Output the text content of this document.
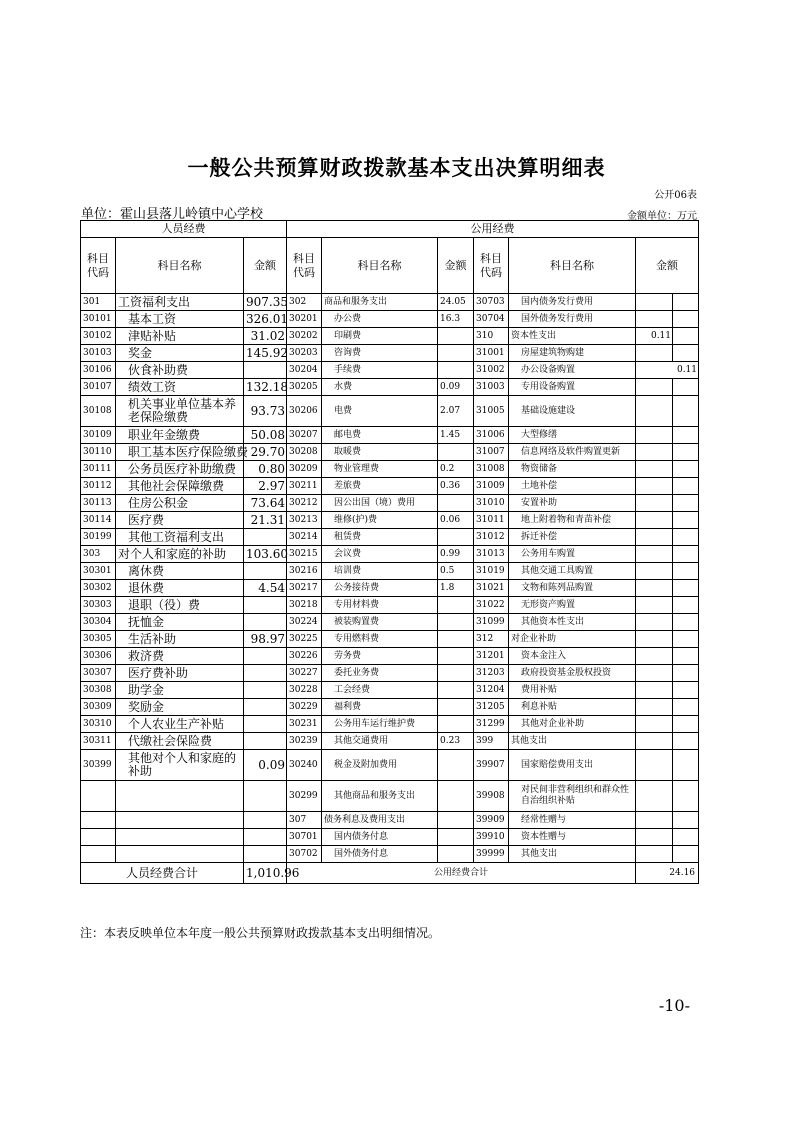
一般公共预算财政拨款基本支出决算明细表
公开06表
单位：霍山县落儿岭镇中心学校	金额单位：万元
人员经费			公用经费						
科目代码	科目名称	金额	科目代码	科目名称	金额	科目代码	科目名称	金额	
301	工资福利支出	907.35	302	商品和服务支出	24.05	30703	国内债务发行费用		
30101	基本工资	326.01	30201	办公费	16.3	30704	国外债务发行费用		
30102	津贴补贴	31.02	30202	印刷费		310	资本性支出	0.11	
30103	奖金	145.92	30203	咨询费		31001	房屋建筑物购建		
30106	伙食补助费		30204	手续费		31002	办公设备购置	0.11	
30107	绩效工资	132.18	30205	水费	0.09	31003	专用设备购置		
30108	机关事业单位基本养老保险缴费	93.73	30206	电费	2.07	31005	基础设施建设		
30109	职业年金缴费	50.08	30207	邮电费	1.45	31006	大型修缮		
30110	职工基本医疗保险缴费	29.70	30208	取暖费		31007	信息网络及软件购置更新		
30111	公务员医疗补助缴费	0.80	30209	物业管理费	0.2	31008	物资储备		
30112	其他社会保障缴费	2.97	30211	差旅费	0.36	31009	土地补偿		
30113	住房公积金	73.64	30212	因公出国（境）费用		31010	安置补助		
30114	医疗费	21.31	30213	维修(护)费	0.06	31011	地上附着物和青苗补偿		
30199	其他工资福利支出		30214	租赁费		31012	拆迁补偿		
303	对个人和家庭的补助	103.60	30215	会议费	0.99	31013	公务用车购置		
30301	离休费		30216	培训费	0.5	31019	其他交通工具购置		
30302	退休费	4.54	30217	公务接待费	1.8	31021	文物和陈列品购置		
30303	退职（役）费		30218	专用材料费		31022	无形资产购置		
30304	抚恤金		30224	被装购置费		31099	其他资本性支出		
30305	生活补助	98.97	30225	专用燃料费		312	对企业补助		
30306	救济费		30226	劳务费		31201	资本金注入		
30307	医疗费补助		30227	委托业务费		31203	政府投资基金股权投资		
30308	助学金		30228	工会经费		31204	费用补贴		
30309	奖励金		30229	福利费		31205	利息补贴		
30310	个人农业生产补贴		30231	公务用车运行维护费		31299	其他对企业补助		
30311	代缴社会保险费		30239	其他交通费用	0.23	399	其他支出		
30399	其他对个人和家庭的补助	0.09	30240	税金及附加费用		39907	国家赔偿费用支出		
			30299	其他商品和服务支出		39908	对民间非营利组织和群众性自治组织补贴		
			307	债务利息及费用支出		39909	经常性赠与		
			30701	国内债务付息		39910	资本性赠与		
			30702	国外债务付息		39999	其他支出		
人员经费合计		1,010.96	公用经费合计					24.16	
注：本表反映单位本年度一般公共预算财政拨款基本支出明细情况。
-10-
